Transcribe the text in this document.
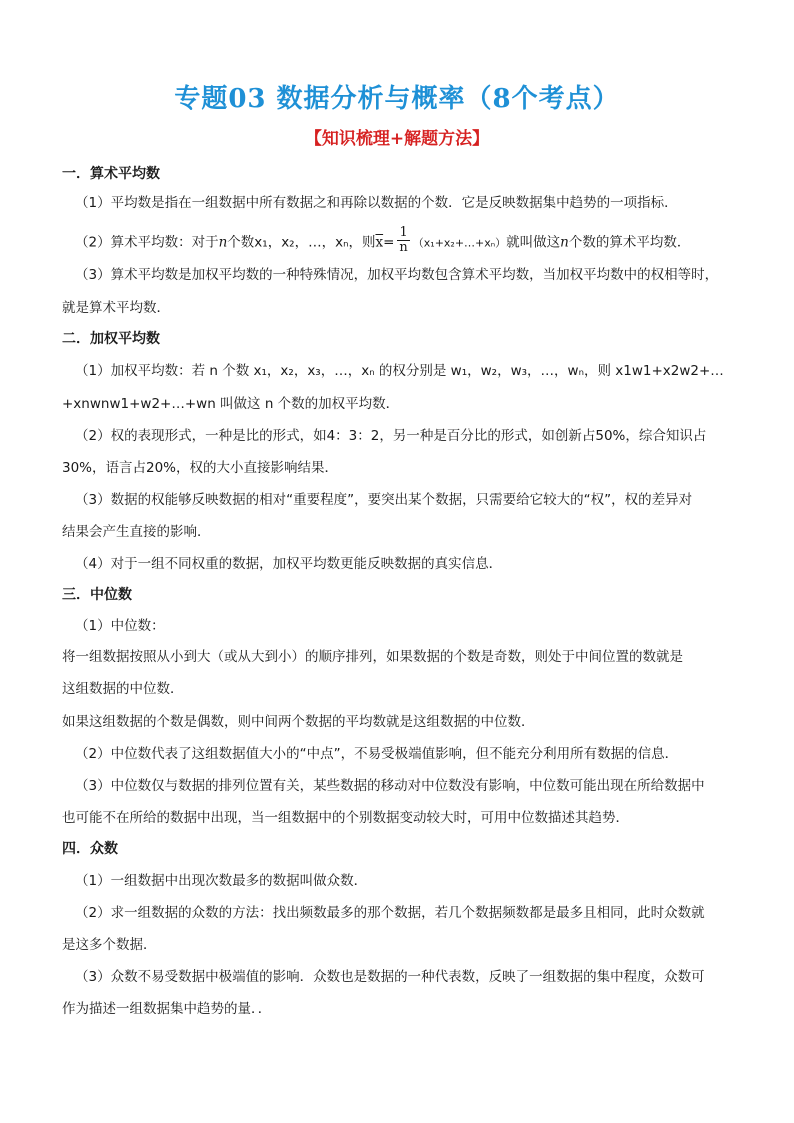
专题03 数据分析与概率（8个考点）
【知识梳理+解题方法】
一．算术平均数
（1）平均数是指在一组数据中所有数据之和再除以数据的个数．它是反映数据集中趋势的一项指标．
（2）算术平均数：对于n个数x₁，x₂，…，xₙ，则$\overline{x}= \frac{1}{n}$ （x₁+x₂+…+xₙ）就叫做这n个数的算术平均数．
（3）算术平均数是加权平均数的一种特殊情况，加权平均数包含算术平均数，当加权平均数中的权相等时，
就是算术平均数．
二．加权平均数
（1）加权平均数：若 n 个数 x₁，x₂，x₃，…，xₙ 的权分别是 w₁，w₂，w₃，…，wₙ，则 x1w1+x2w2+…
+xnwnw1+w2+…+wn 叫做这 n 个数的加权平均数．
（2）权的表现形式，一种是比的形式，如4：3：2，另一种是百分比的形式，如创新占50%，综合知识占
30%，语言占20%，权的大小直接影响结果．
（3）数据的权能够反映数据的相对“重要程度”，要突出某个数据，只需要给它较大的“权”，权的差异对
结果会产生直接的影响．
（4）对于一组不同权重的数据，加权平均数更能反映数据的真实信息．
三．中位数
（1）中位数：
将一组数据按照从小到大（或从大到小）的顺序排列，如果数据的个数是奇数，则处于中间位置的数就是
这组数据的中位数．
如果这组数据的个数是偶数，则中间两个数据的平均数就是这组数据的中位数．
（2）中位数代表了这组数据值大小的“中点”，不易受极端值影响，但不能充分利用所有数据的信息．
（3）中位数仅与数据的排列位置有关，某些数据的移动对中位数没有影响，中位数可能出现在所给数据中
也可能不在所给的数据中出现，当一组数据中的个别数据变动较大时，可用中位数描述其趋势．
四．众数
（1）一组数据中出现次数最多的数据叫做众数．
（2）求一组数据的众数的方法：找出频数最多的那个数据，若几个数据频数都是最多且相同，此时众数就
是这多个数据．
（3）众数不易受数据中极端值的影响．众数也是数据的一种代表数，反映了一组数据的集中程度，众数可
作为描述一组数据集中趋势的量．．
